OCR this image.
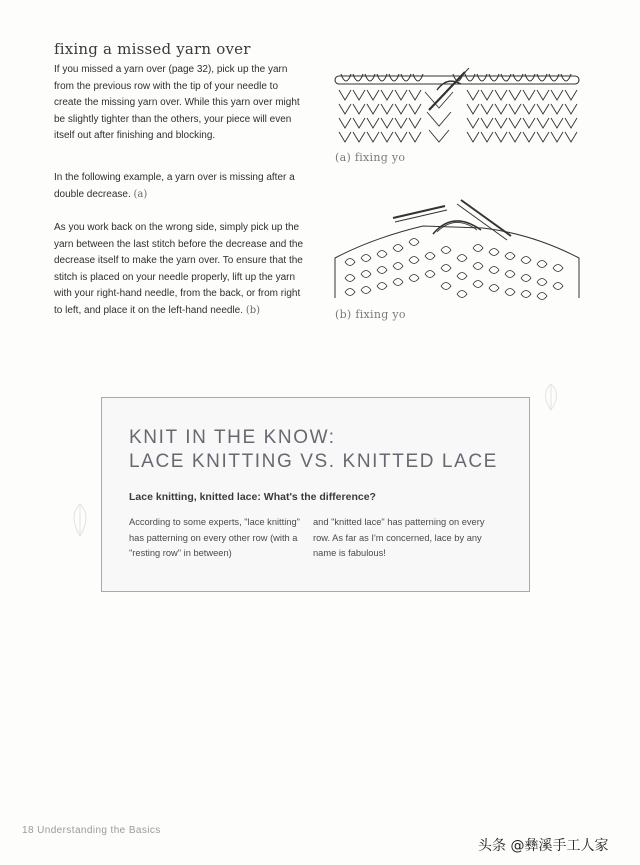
fixing a missed yarn over

If you missed a yarn over (page 32), pick up the yarn from the previous row with the tip of your needle to create the missing yarn over. While this yarn over might be slightly tighter than the others, your piece will even itself out after finishing and blocking.

In the following example, a yarn over is missing after a double decrease. (a)

As you work back on the wrong side, simply pick up the yarn between the last stitch before the decrease and the decrease itself to make the yarn over. To ensure that the stitch is placed on your needle properly, lift up the yarn with your right-hand needle, from the back, or from right to left, and place it on the left-hand needle. (b)

(a) fixing yo
(b) fixing yo
KNIT IN THE KNOW:
LACE KNITTING VS. KNITTED LACE

Lace knitting, knitted lace: What's the difference?

According to some experts, "lace knitting" has patterning on every other row (with a "resting row" in between)

and "knitted lace" has patterning on every row. As far as I'm concerned, lace by any name is fabulous!

18 Understanding the Basics
头条 @彝溪手工人家
